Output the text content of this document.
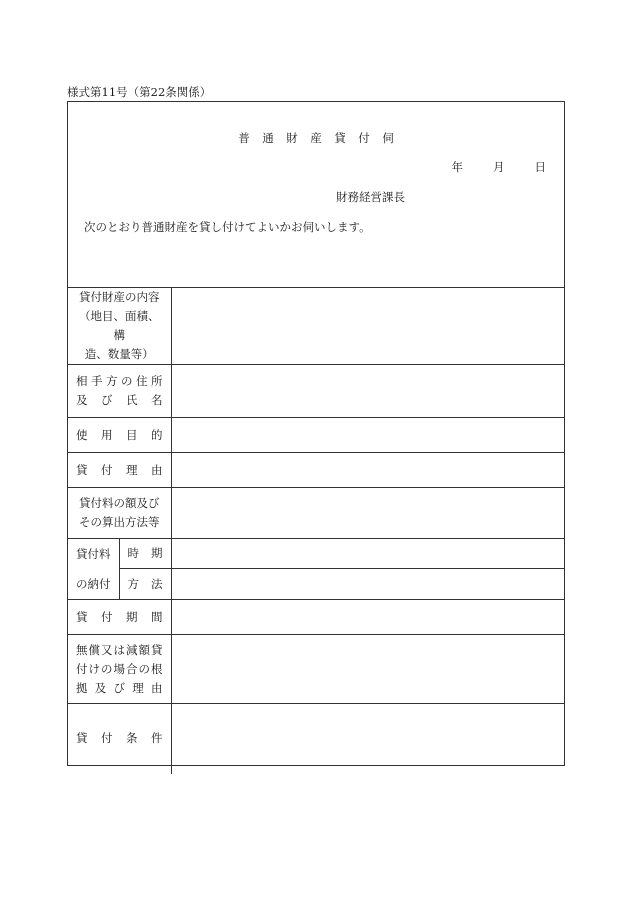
様式第11号（第22条関係）
普 通 財 産 貸 付 伺
年	月	日
財務経営課長
次のとおり普通財産を貸し付けてよいかお伺いします。
貸付財産の内容
（地目、面積、構
造、数量等）		

相手方の住所
及び氏名		

使用目的		

貸付理由		

貸付料の額及び
その算出方法等		

貸付料
の納付	時期	

	方法	

貸付期間		

無償又は減額貸
付けの場合の根
拠及び理由		

貸付条件		
